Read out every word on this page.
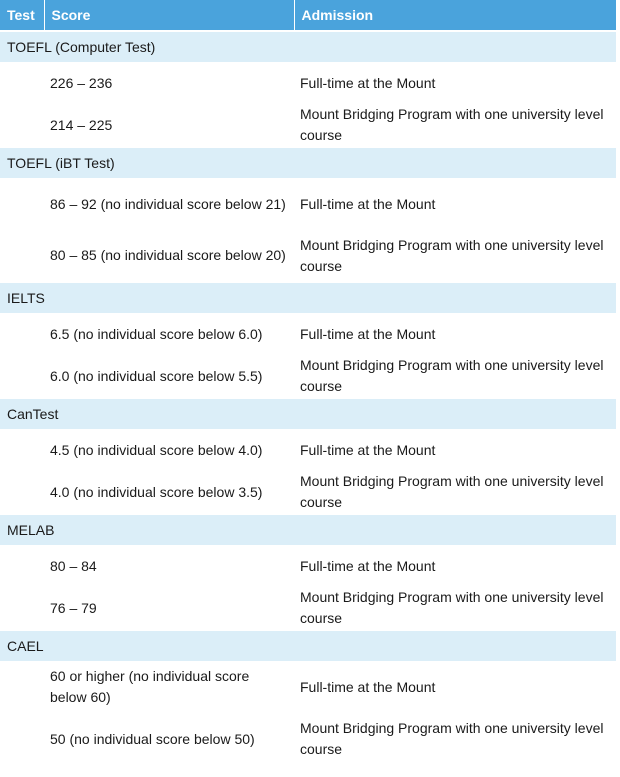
Test	Score	Admission
TOEFL (Computer Test)		
	226 – 236	Full-time at the Mount
	214 – 225	Mount Bridging Program with one university level course
TOEFL (iBT Test)		
	86 – 92 (no individual score below 21)	Full-time at the Mount
	80 – 85 (no individual score below 20)	Mount Bridging Program with one university level course
IELTS		
	6.5 (no individual score below 6.0)	Full-time at the Mount
	6.0 (no individual score below 5.5)	Mount Bridging Program with one university level course
CanTest		
	4.5 (no individual score below 4.0)	Full-time at the Mount
	4.0 (no individual score below 3.5)	Mount Bridging Program with one university level course
MELAB		
	80 – 84	Full-time at the Mount
	76 – 79	Mount Bridging Program with one university level course
CAEL		
	60 or higher (no individual score below 60)	Full-time at the Mount
	50 (no individual score below 50)	Mount Bridging Program with one university level course
